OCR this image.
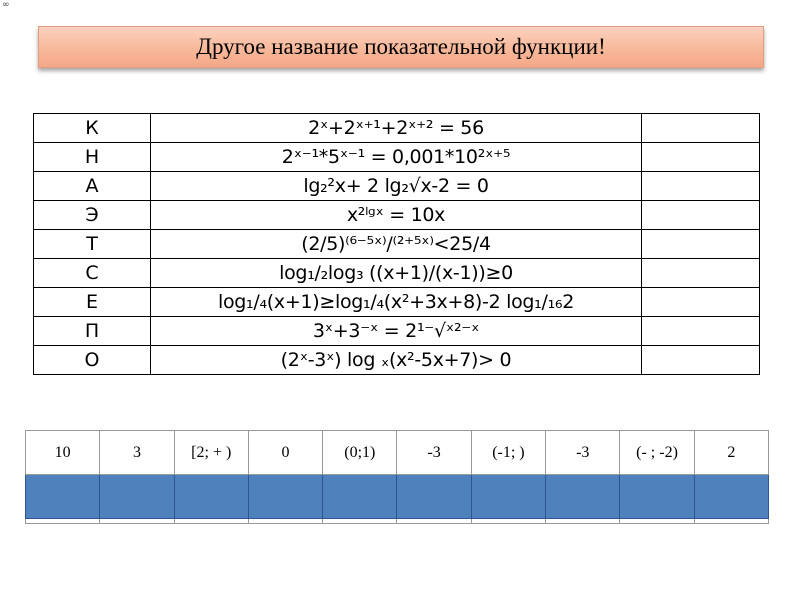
∞
Другое название показательной функции!
К	2ˣ+2ˣ⁺¹+2ˣ⁺² = 56	
Н	2ˣ⁻¹*5ˣ⁻¹ = 0,001*10²ˣ⁺⁵	
А	lg₂²x+ 2 lg₂√x-2 = 0	
Э	x²ˡᵍˣ = 10x	
Т	(2/5)⁽⁶⁻⁵ˣ⁾/⁽²⁺⁵ˣ⁾<25/4	
С	log₁/₂log₃ ((x+1)/(x-1))≥0	
Е	log₁/₄(x+1)≥log₁/₄(x²+3x+8)-2 log₁/₁₆2	
П	3ˣ+3⁻ˣ = 2¹⁻√ˣ²⁻ˣ	
О	(2ˣ-3ˣ) log ₓ(x²-5x+7)> 0	
10	3	[2; + )	0	(0;1)	-3	(-1; )	-3	(- ; -2)	2
